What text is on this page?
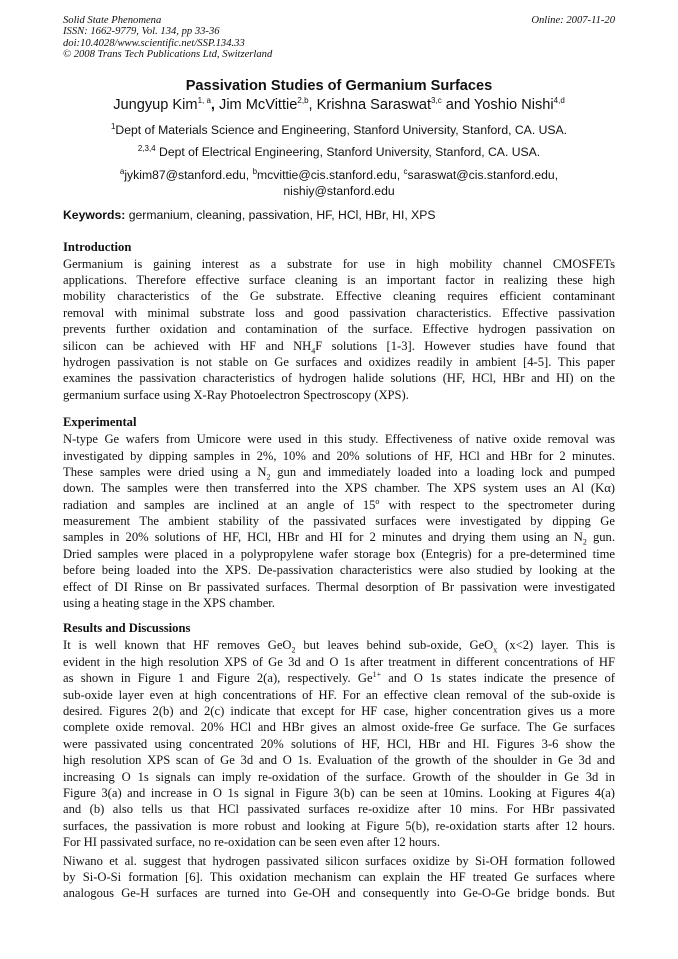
Solid State Phenomena
ISSN: 1662-9779, Vol. 134, pp 33-36
doi:10.4028/www.scientific.net/SSP.134.33
© 2008 Trans Tech Publications Ltd, Switzerland
Online: 2007-11-20
Passivation Studies of Germanium Surfaces
Jungyup Kim$^{1, a}$, Jim McVittie$^{2,b}$, Krishna Saraswat$^{3,c}$ and Yoshio Nishi$^{4,d}$
$^1$Dept of Materials Science and Engineering, Stanford University, Stanford, CA. USA.
$^{2,3,4}$ Dept of Electrical Engineering, Stanford University, Stanford, CA. USA.
$^a$jykim87@stanford.edu, $^b$mcvittie@cis.stanford.edu, $^c$saraswat@cis.stanford.edu,
nishiy@stanford.edu
Keywords: germanium, cleaning, passivation, HF, HCl, HBr, HI, XPS
Introduction
Germanium is gaining interest as a substrate for use in high mobility channel CMOSFETs
applications. Therefore effective surface cleaning is an important factor in realizing these high
mobility characteristics of the Ge substrate. Effective cleaning requires efficient contaminant
removal with minimal substrate loss and good passivation characteristics. Effective passivation
prevents further oxidation and contamination of the surface. Effective hydrogen passivation on
silicon can be achieved with HF and $NH_4F$ solutions [1-3]. However studies have found that
hydrogen passivation is not stable on Ge surfaces and oxidizes readily in ambient [4-5]. This paper
examines the passivation characteristics of hydrogen halide solutions (HF, HCl, HBr and HI) on the
germanium surface using X-Ray Photoelectron Spectroscopy (XPS).
Experimental
N-type Ge wafers from Umicore were used in this study. Effectiveness of native oxide removal was
investigated by dipping samples in 2%, 10% and 20% solutions of HF, HCl and HBr for 2 minutes.
These samples were dried using a $N_2$ gun and immediately loaded into a loading lock and pumped
down. The samples were then transferred into the XPS chamber. The XPS system uses an Al (Kα)
radiation and samples are inclined at an angle of 15$^o$ with respect to the spectrometer during
measurement The ambient stability of the passivated surfaces were investigated by dipping Ge
samples in 20% solutions of HF, HCl, HBr and HI for 2 minutes and drying them using an $N_2$ gun.
Dried samples were placed in a polypropylene wafer storage box (Entegris) for a pre-determined time
before being loaded into the XPS. De-passivation characteristics were also studied by looking at the
effect of DI Rinse on Br passivated surfaces. Thermal desorption of Br passivation were investigated
using a heating stage in the XPS chamber.
Results and Discussions
It is well known that HF removes GeO$_2$ but leaves behind sub-oxide, GeO$_x$ (x<2) layer. This is
evident in the high resolution XPS of Ge 3d and O 1s after treatment in different concentrations of HF
as shown in Figure 1 and Figure 2(a), respectively. $Ge^{1+}$ and O 1s states indicate the presence of
sub-oxide layer even at high concentrations of HF. For an effective clean removal of the sub-oxide is
desired. Figures 2(b) and 2(c) indicate that except for HF case, higher concentration gives us a more
complete oxide removal. 20% HCl and HBr gives an almost oxide-free Ge surface. The Ge surfaces
were passivated using concentrated 20% solutions of HF, HCl, HBr and HI. Figures 3-6 show the
high resolution XPS scan of Ge 3d and O 1s. Evaluation of the growth of the shoulder in Ge 3d and
increasing O 1s signals can imply re-oxidation of the surface. Growth of the shoulder in Ge 3d in
Figure 3(a) and increase in O 1s signal in Figure 3(b) can be seen at 10mins. Looking at Figures 4(a)
and (b) also tells us that HCl passivated surfaces re-oxidize after 10 mins. For HBr passivated
surfaces, the passivation is more robust and looking at Figure 5(b), re-oxidation starts after 12 hours.
For HI passivated surface, no re-oxidation can be seen even after 12 hours.
Niwano et al. suggest that hydrogen passivated silicon surfaces oxidize by Si-OH formation followed
by Si-O-Si formation [6]. This oxidation mechanism can explain the HF treated Ge surfaces where
analogous Ge-H surfaces are turned into Ge-OH and consequently into Ge-O-Ge bridge bonds. But
